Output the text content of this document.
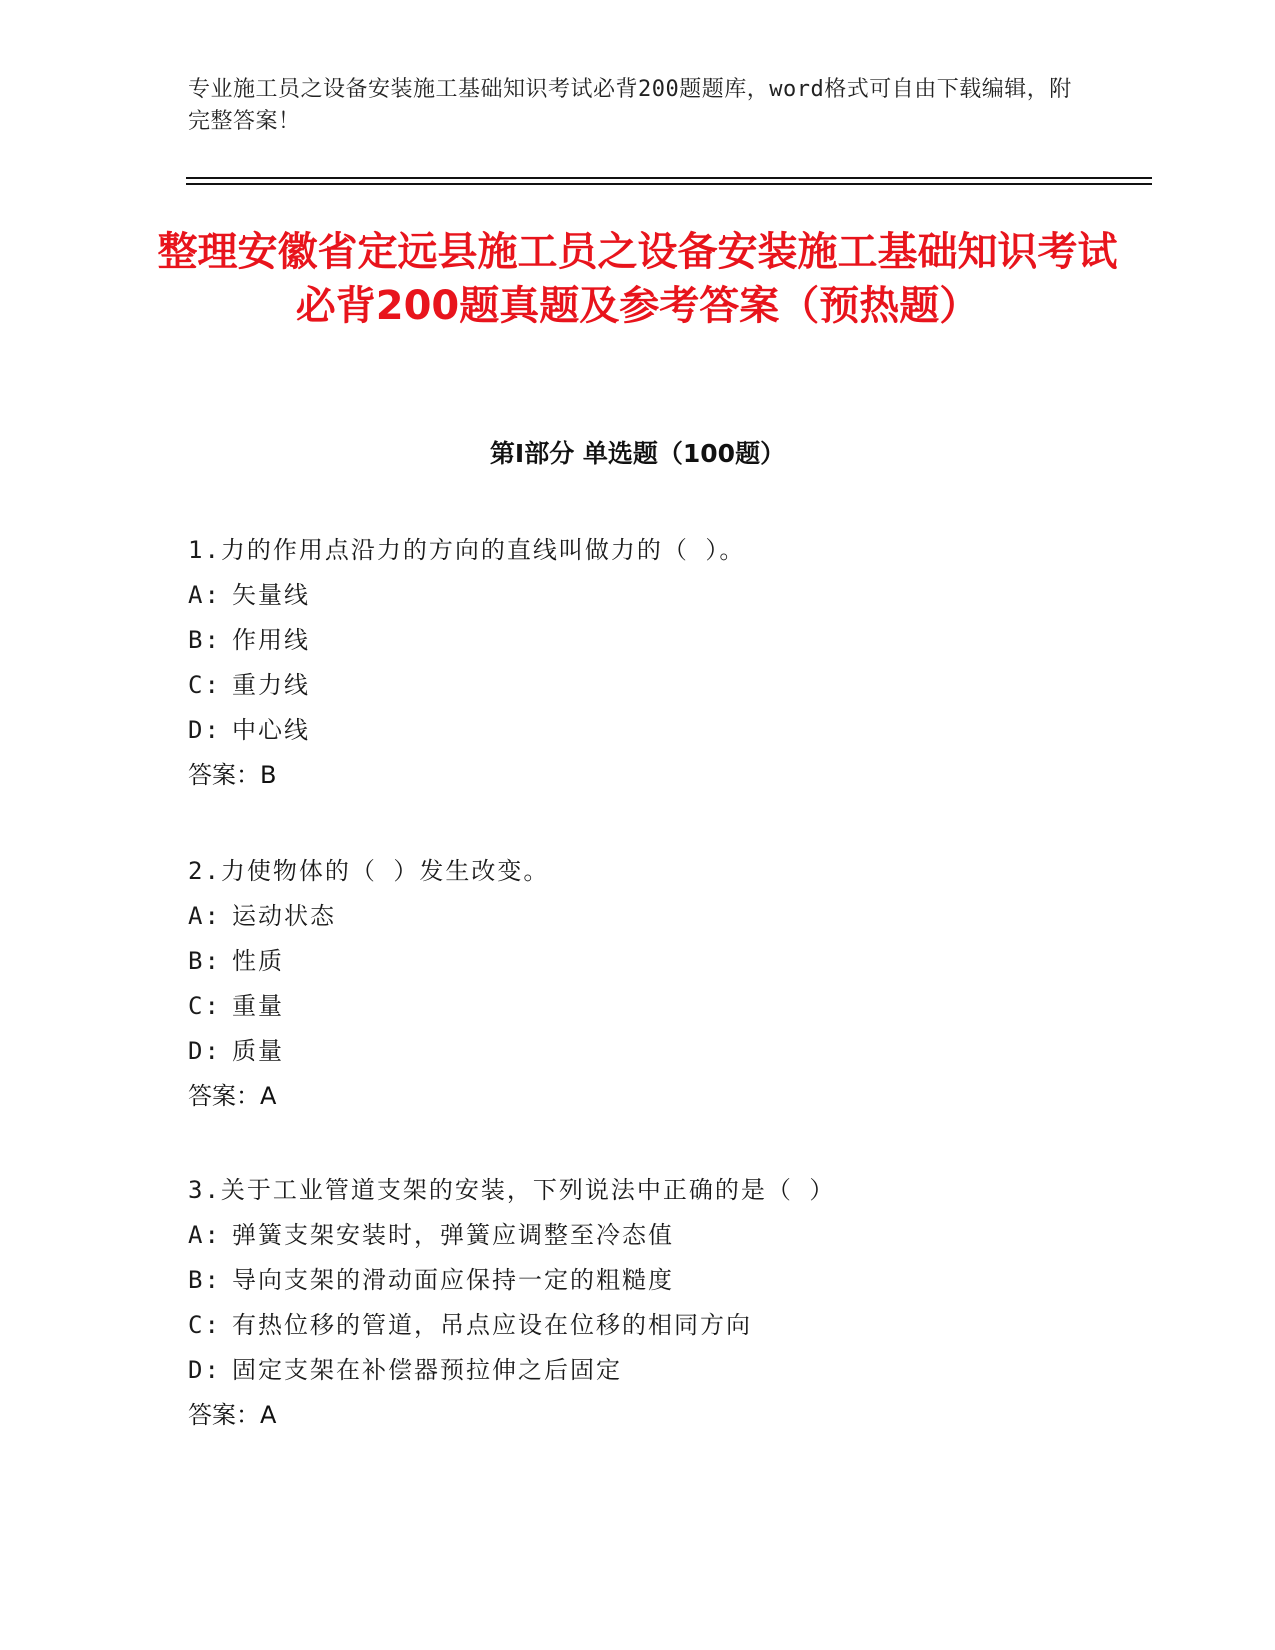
专业施工员之设备安装施工基础知识考试必背200题题库，word格式可自由下载编辑，附完整答案！
整理安徽省定远县施工员之设备安装施工基础知识考试必背200题真题及参考答案（预热题）
第I部分 单选题（100题）
1.力的作用点沿力的方向的直线叫做力的（ ）。
A: 矢量线
B: 作用线
C: 重力线
D: 中心线
答案：B
2.力使物体的（ ）发生改变。
A: 运动状态
B: 性质
C: 重量
D: 质量
答案：A
3.关于工业管道支架的安装，下列说法中正确的是（ ）
A: 弹簧支架安装时，弹簧应调整至冷态值
B: 导向支架的滑动面应保持一定的粗糙度
C: 有热位移的管道，吊点应设在位移的相同方向
D: 固定支架在补偿器预拉伸之后固定
答案：A
